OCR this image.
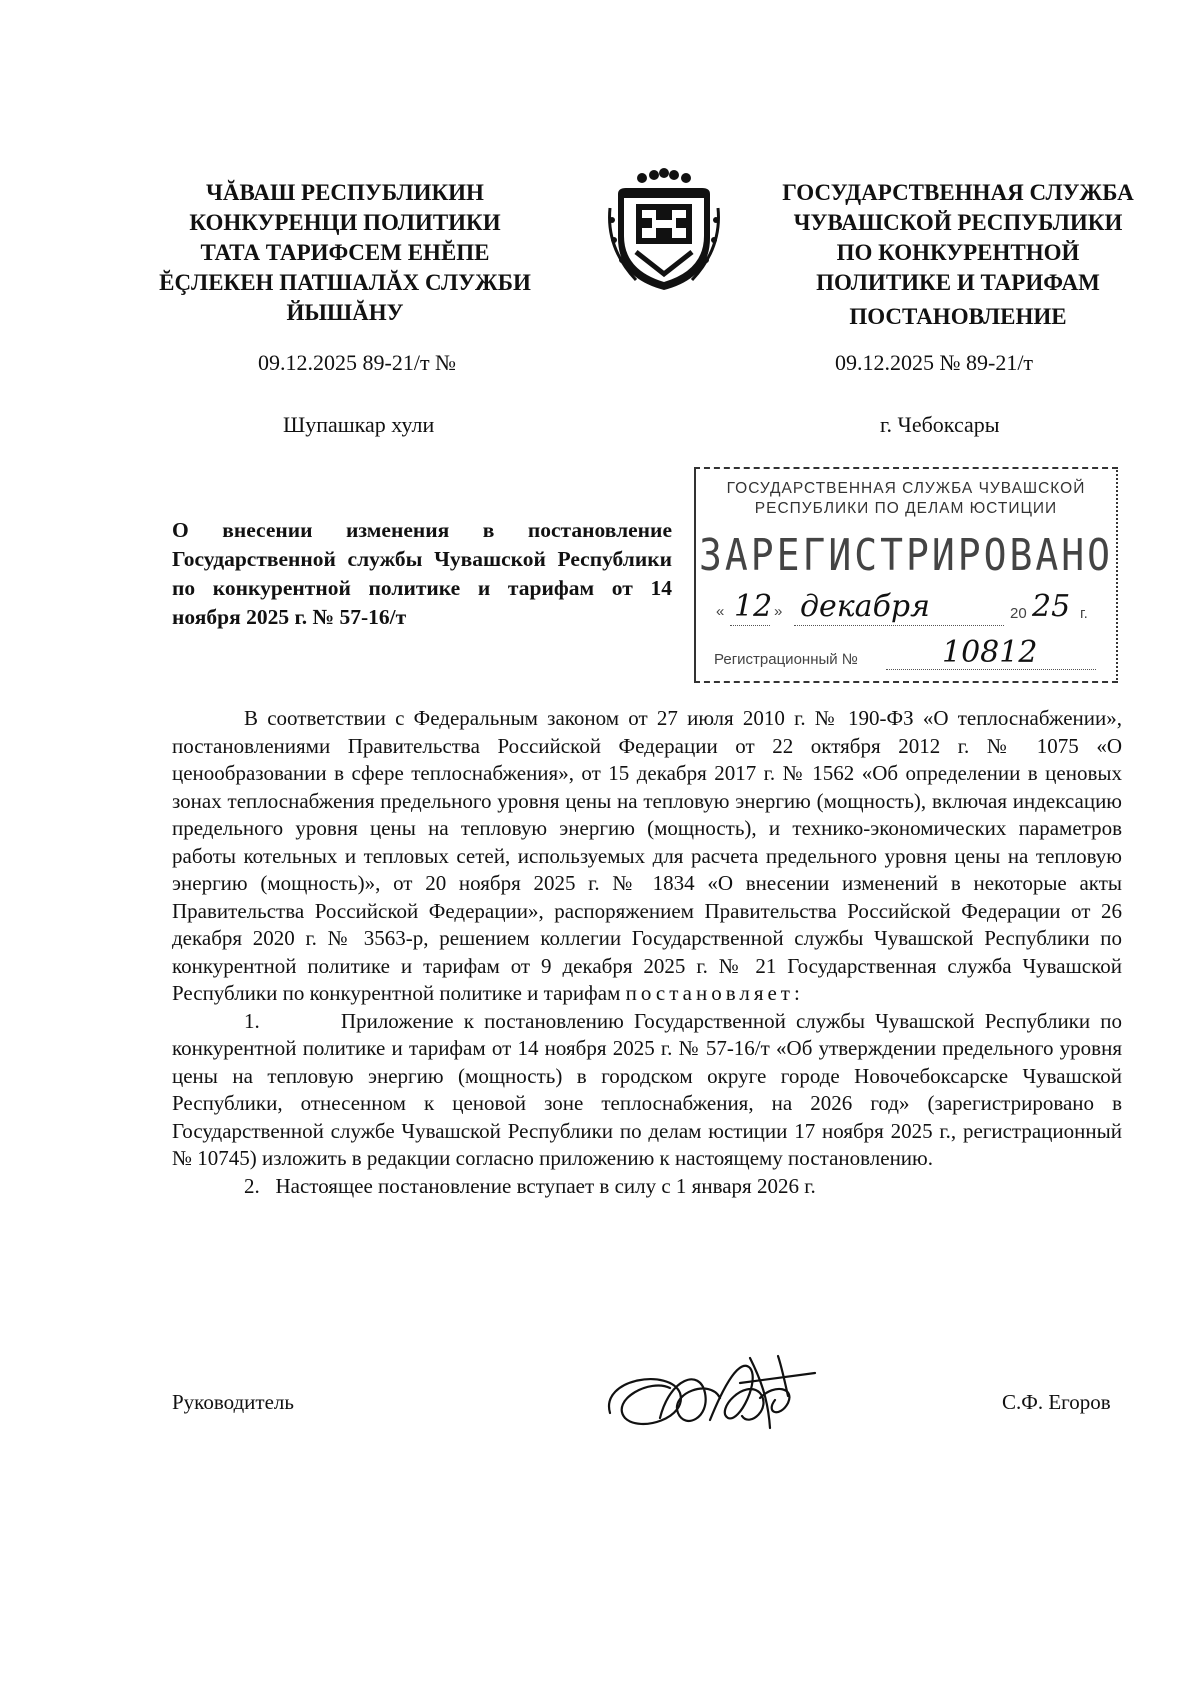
ЧĂВАШ РЕСПУБЛИКИН
КОНКУРЕНЦИ ПОЛИТИКИ
ТАТА ТАРИФСЕМ ЕНĔПЕ
ĔÇЛЕКЕН ПАТШАЛĂХ СЛУЖБИ
ЙЫШĂНУ
09.12.2025 89-21/т №
Шупашкар хули
ГОСУДАРСТВЕННАЯ СЛУЖБА
ЧУВАШСКОЙ РЕСПУБЛИКИ
ПО КОНКУРЕНТНОЙ
ПОЛИТИКЕ И ТАРИФАМ
ПОСТАНОВЛЕНИЕ
09.12.2025 № 89-21/т
г. Чебоксары
О внесении изменения в постановление Государственной службы Чувашской Республики по конкурентной политике и тарифам от 14 ноября 2025 г. № 57-16/т
ГОСУДАРСТВЕННАЯ СЛУЖБА ЧУВАШСКОЙ
РЕСПУБЛИКИ ПО ДЕЛАМ ЮСТИЦИИ
ЗАРЕГИСТРИРОВАНО
« 12 » декабря	20 25 г.
Регистрационный №	10812

В соответствии с Федеральным законом от 27 июля 2010 г. № 190-ФЗ «О теплоснабжении», постановлениями Правительства Российской Федерации от 22 октября 2012 г. № 1075 «О ценообразовании в сфере теплоснабжения», от 15 декабря 2017 г. № 1562 «Об определении в ценовых зонах теплоснабжения предельного уровня цены на тепловую энергию (мощность), включая индексацию предельного уровня цены на тепловую энергию (мощность), и технико-экономических параметров работы котельных и тепловых сетей, используемых для расчета предельного уровня цены на тепловую энергию (мощность)», от 20 ноября 2025 г. № 1834 «О внесении изменений в некоторые акты Правительства Российской Федерации», распоряжением Правительства Российской Федерации от 26 декабря 2020 г. № 3563-р, решением коллегии Государственной службы Чувашской Республики по конкурентной политике и тарифам от 9 декабря 2025 г. № 21 Государственная служба Чувашской Республики по конкурентной политике и тарифам постановляет:

1.	Приложение к постановлению Государственной службы Чувашской Республики по конкурентной политике и тарифам от 14 ноября 2025 г. № 57-16/т «Об утверждении предельного уровня цены на тепловую энергию (мощность) в городском округе городе Новочебоксарске Чувашской Республики, отнесенном к ценовой зоне теплоснабжения, на 2026 год» (зарегистрировано в Государственной службе Чувашской Республики по делам юстиции 17 ноября 2025 г., регистрационный № 10745) изложить в редакции согласно приложению к настоящему постановлению.

2. Настоящее постановление вступает в силу с 1 января 2026 г.

Руководитель	С.Ф. Егоров
